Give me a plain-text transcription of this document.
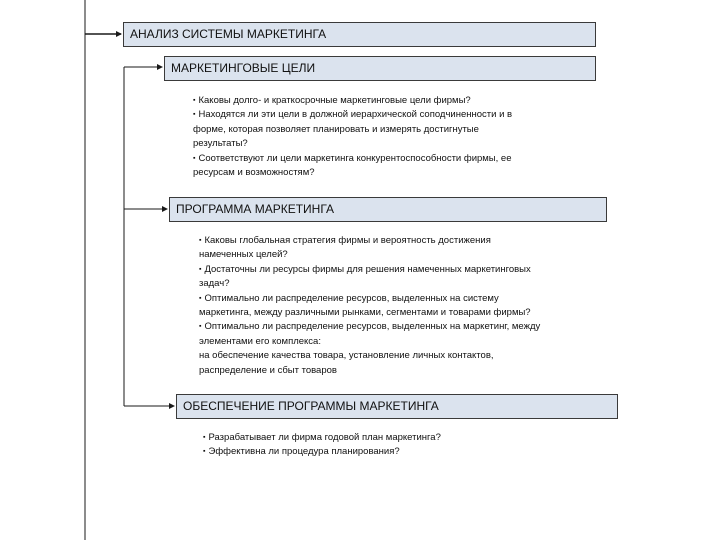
АНАЛИЗ СИСТЕМЫ МАРКЕТИНГА
МАРКЕТИНГОВЫЕ ЦЕЛИ
▪ Каковы долго- и краткосрочные маркетинговые цели фирмы?
▪ Находятся ли эти цели в должной иерархической соподчиненности и в форме, которая позволяет планировать и измерять достигнутые результаты?
▪ Соответствуют ли цели маркетинга конкурентоспособности фирмы, ее ресурсам и возможностям?
ПРОГРАММА МАРКЕТИНГА
▪ Каковы глобальная стратегия фирмы и вероятность достижения намеченных целей?
▪ Достаточны ли ресурсы фирмы для решения намеченных маркетинговых задач?
▪ Оптимально ли распределение ресурсов, выделенных на систему маркетинга, между различными рынками, сегментами и товарами фирмы?
▪ Оптимально ли распределение ресурсов, выделенных на маркетинг, между элементами его комплекса:
на обеспечение качества товара, установление личных контактов, распределение и сбыт товаров
ОБЕСПЕЧЕНИЕ ПРОГРАММЫ МАРКЕТИНГА
▪ Разрабатывает ли фирма годовой план маркетинга?
▪ Эффективна ли процедура планирования?
